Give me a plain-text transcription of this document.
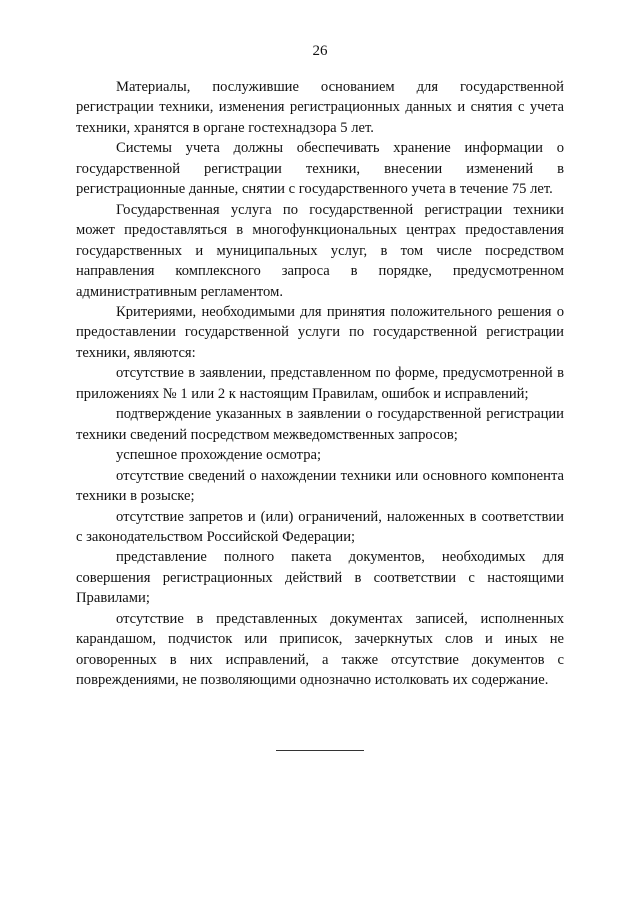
26

Материалы, послужившие основанием для государственной регистрации техники, изменения регистрационных данных и снятия с учета техники, хранятся в органе гостехнадзора 5 лет.

Системы учета должны обеспечивать хранение информации о государственной регистрации техники, внесении изменений в регистрационные данные, снятии с государственного учета в течение 75 лет.

Государственная услуга по государственной регистрации техники может предоставляться в многофункциональных центрах предоставления государственных и муниципальных услуг, в том числе посредством направления комплексного запроса в порядке, предусмотренном административным регламентом.

Критериями, необходимыми для принятия положительного решения о предоставлении государственной услуги по государственной регистрации техники, являются:

отсутствие в заявлении, представленном по форме, предусмотренной в приложениях № 1 или 2 к настоящим Правилам, ошибок и исправлений;

подтверждение указанных в заявлении о государственной регистрации техники сведений посредством межведомственных запросов;

успешное прохождение осмотра;

отсутствие сведений о нахождении техники или основного компонента техники в розыске;

отсутствие запретов и (или) ограничений, наложенных в соответствии с законодательством Российской Федерации;

представление полного пакета документов, необходимых для совершения регистрационных действий в соответствии с настоящими Правилами;

отсутствие в представленных документах записей, исполненных карандашом, подчисток или приписок, зачеркнутых слов и иных не оговоренных в них исправлений, а также отсутствие документов с повреждениями, не позволяющими однозначно истолковать их содержание.
